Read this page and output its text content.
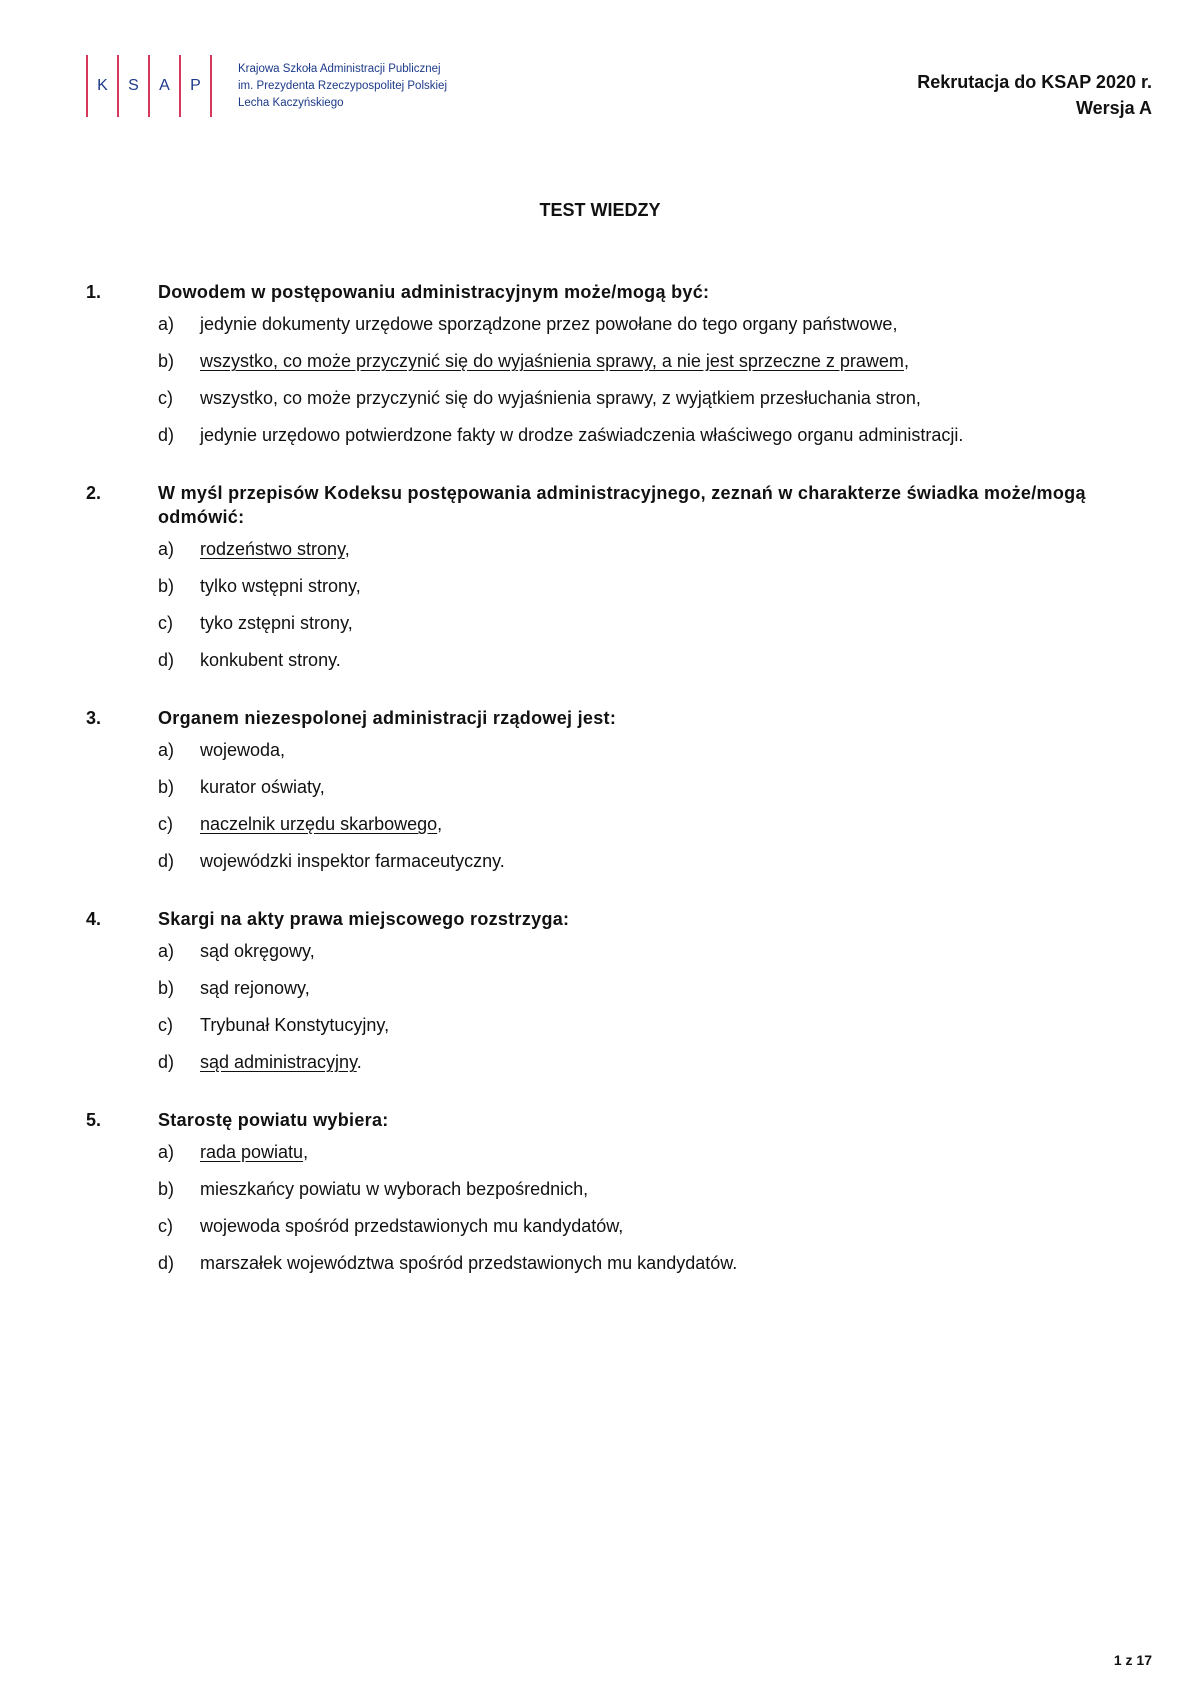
K	S	A	P
Krajowa Szkoła Administracji Publicznej
im. Prezydenta Rzeczypospolitej Polskiej
Lecha Kaczyńskiego
Rekrutacja do KSAP 2020 r.
Wersja A
TEST WIEDZY
1.	Dowodem w postępowaniu administracyjnym może/mogą być:
a)	jedynie dokumenty urzędowe sporządzone przez powołane do tego organy państwowe,
b)	wszystko, co może przyczynić się do wyjaśnienia sprawy, a nie jest sprzeczne z prawem,
c)	wszystko, co może przyczynić się do wyjaśnienia sprawy, z wyjątkiem przesłuchania stron,
d)	jedynie urzędowo potwierdzone fakty w drodze zaświadczenia właściwego organu administracji.
2.	W myśl przepisów Kodeksu postępowania administracyjnego, zeznań w charakterze świadka może/mogą odmówić:
a)	rodzeństwo strony,
b)	tylko wstępni strony,
c)	tyko zstępni strony,
d)	konkubent strony.
3.	Organem niezespolonej administracji rządowej jest:
a)	wojewoda,
b)	kurator oświaty,
c)	naczelnik urzędu skarbowego,
d)	wojewódzki inspektor farmaceutyczny.
4.	Skargi na akty prawa miejscowego rozstrzyga:
a)	sąd okręgowy,
b)	sąd rejonowy,
c)	Trybunał Konstytucyjny,
d)	sąd administracyjny.
5.	Starostę powiatu wybiera:
a)	rada powiatu,
b)	mieszkańcy powiatu w wyborach bezpośrednich,
c)	wojewoda spośród przedstawionych mu kandydatów,
d)	marszałek województwa spośród przedstawionych mu kandydatów.
1 z 17
